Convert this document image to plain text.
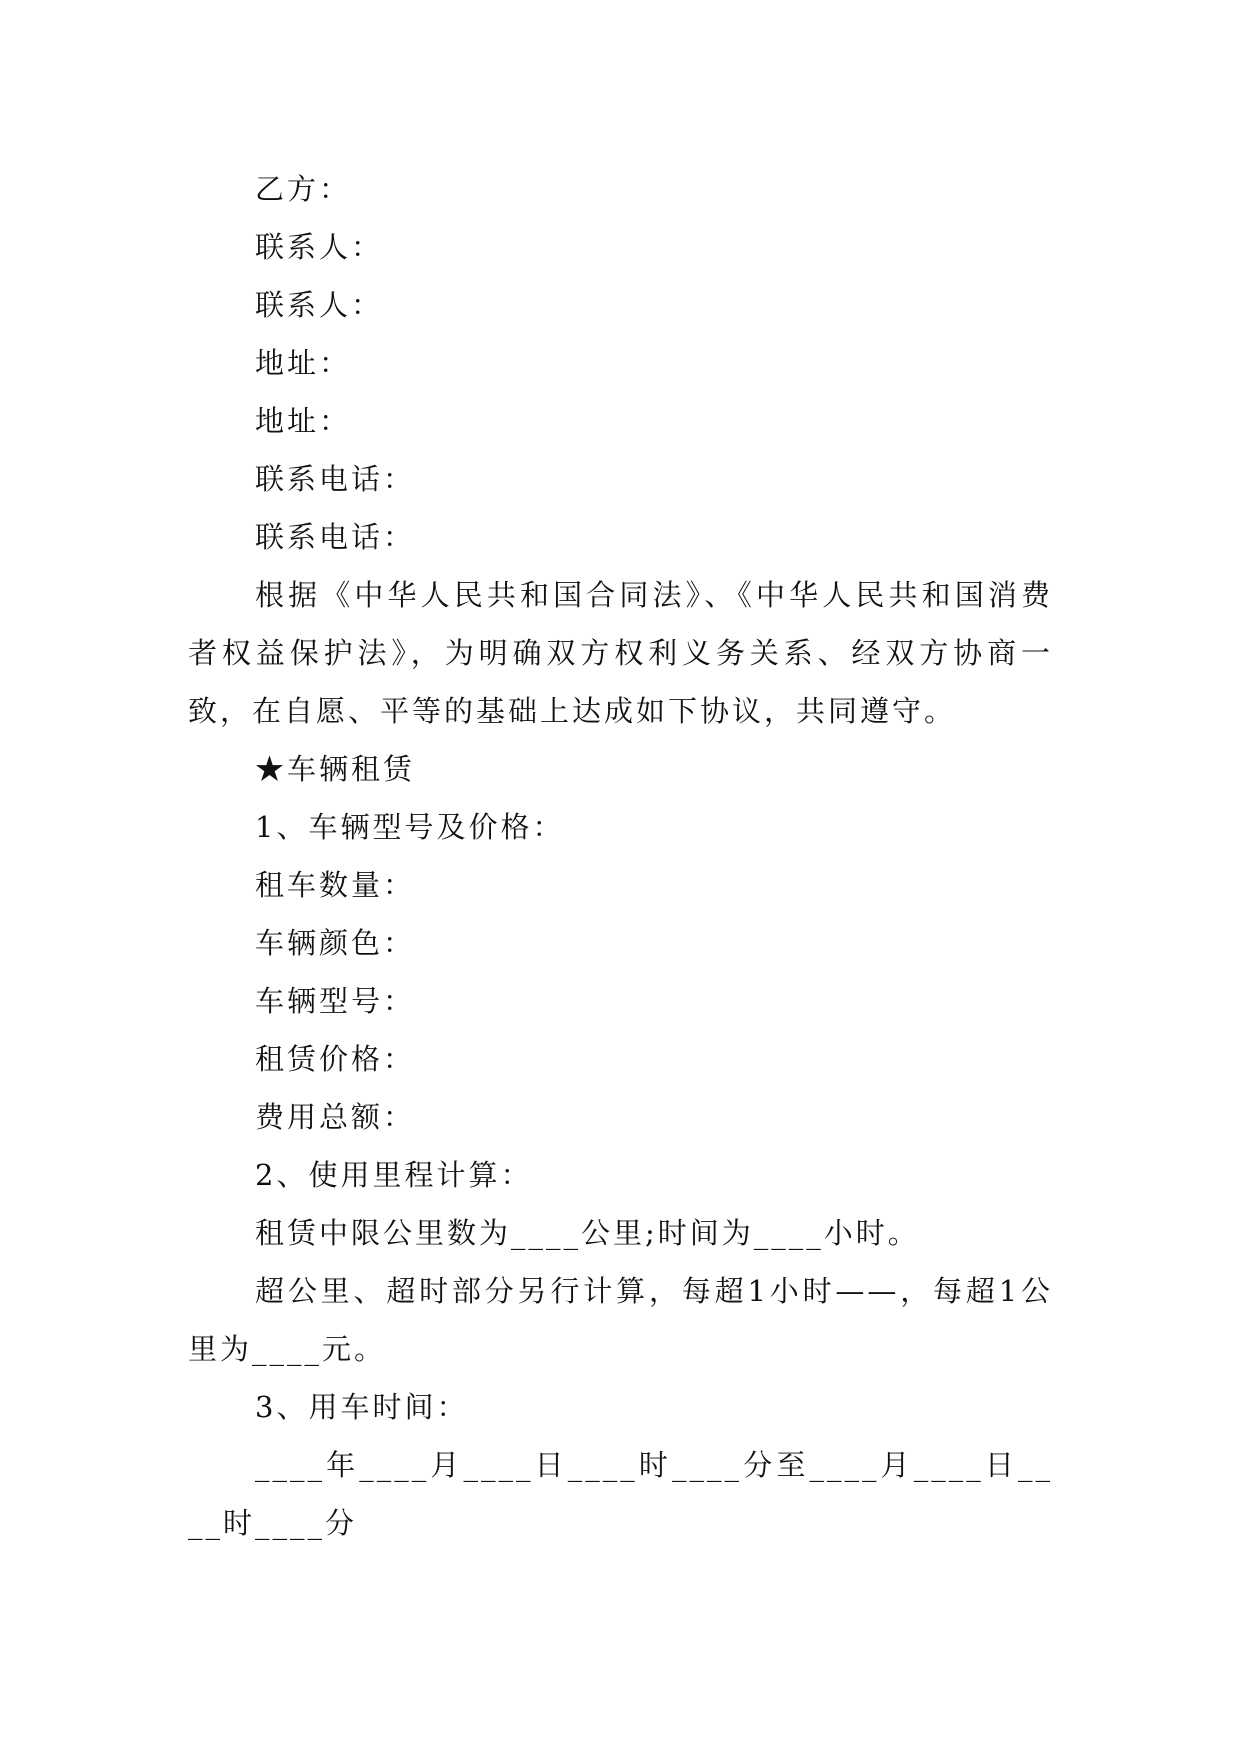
乙方：

联系人：

联系人：

地址：

地址：

联系电话：

联系电话：

根据《中华人民共和国合同法》、《中华人民共和国消费者权益保护法》，为明确双方权利义务关系、经双方协商一致，在自愿、平等的基础上达成如下协议，共同遵守。

★车辆租赁

1、车辆型号及价格：

租车数量：

车辆颜色：

车辆型号：

租赁价格：

费用总额：

2、使用里程计算：

租赁中限公里数为____公里;时间为____小时。

超公里、超时部分另行计算，每超1小时——，每超1公里为____元。

3、用车时间：

____年____月____日____时____分至____月____日____时____分
